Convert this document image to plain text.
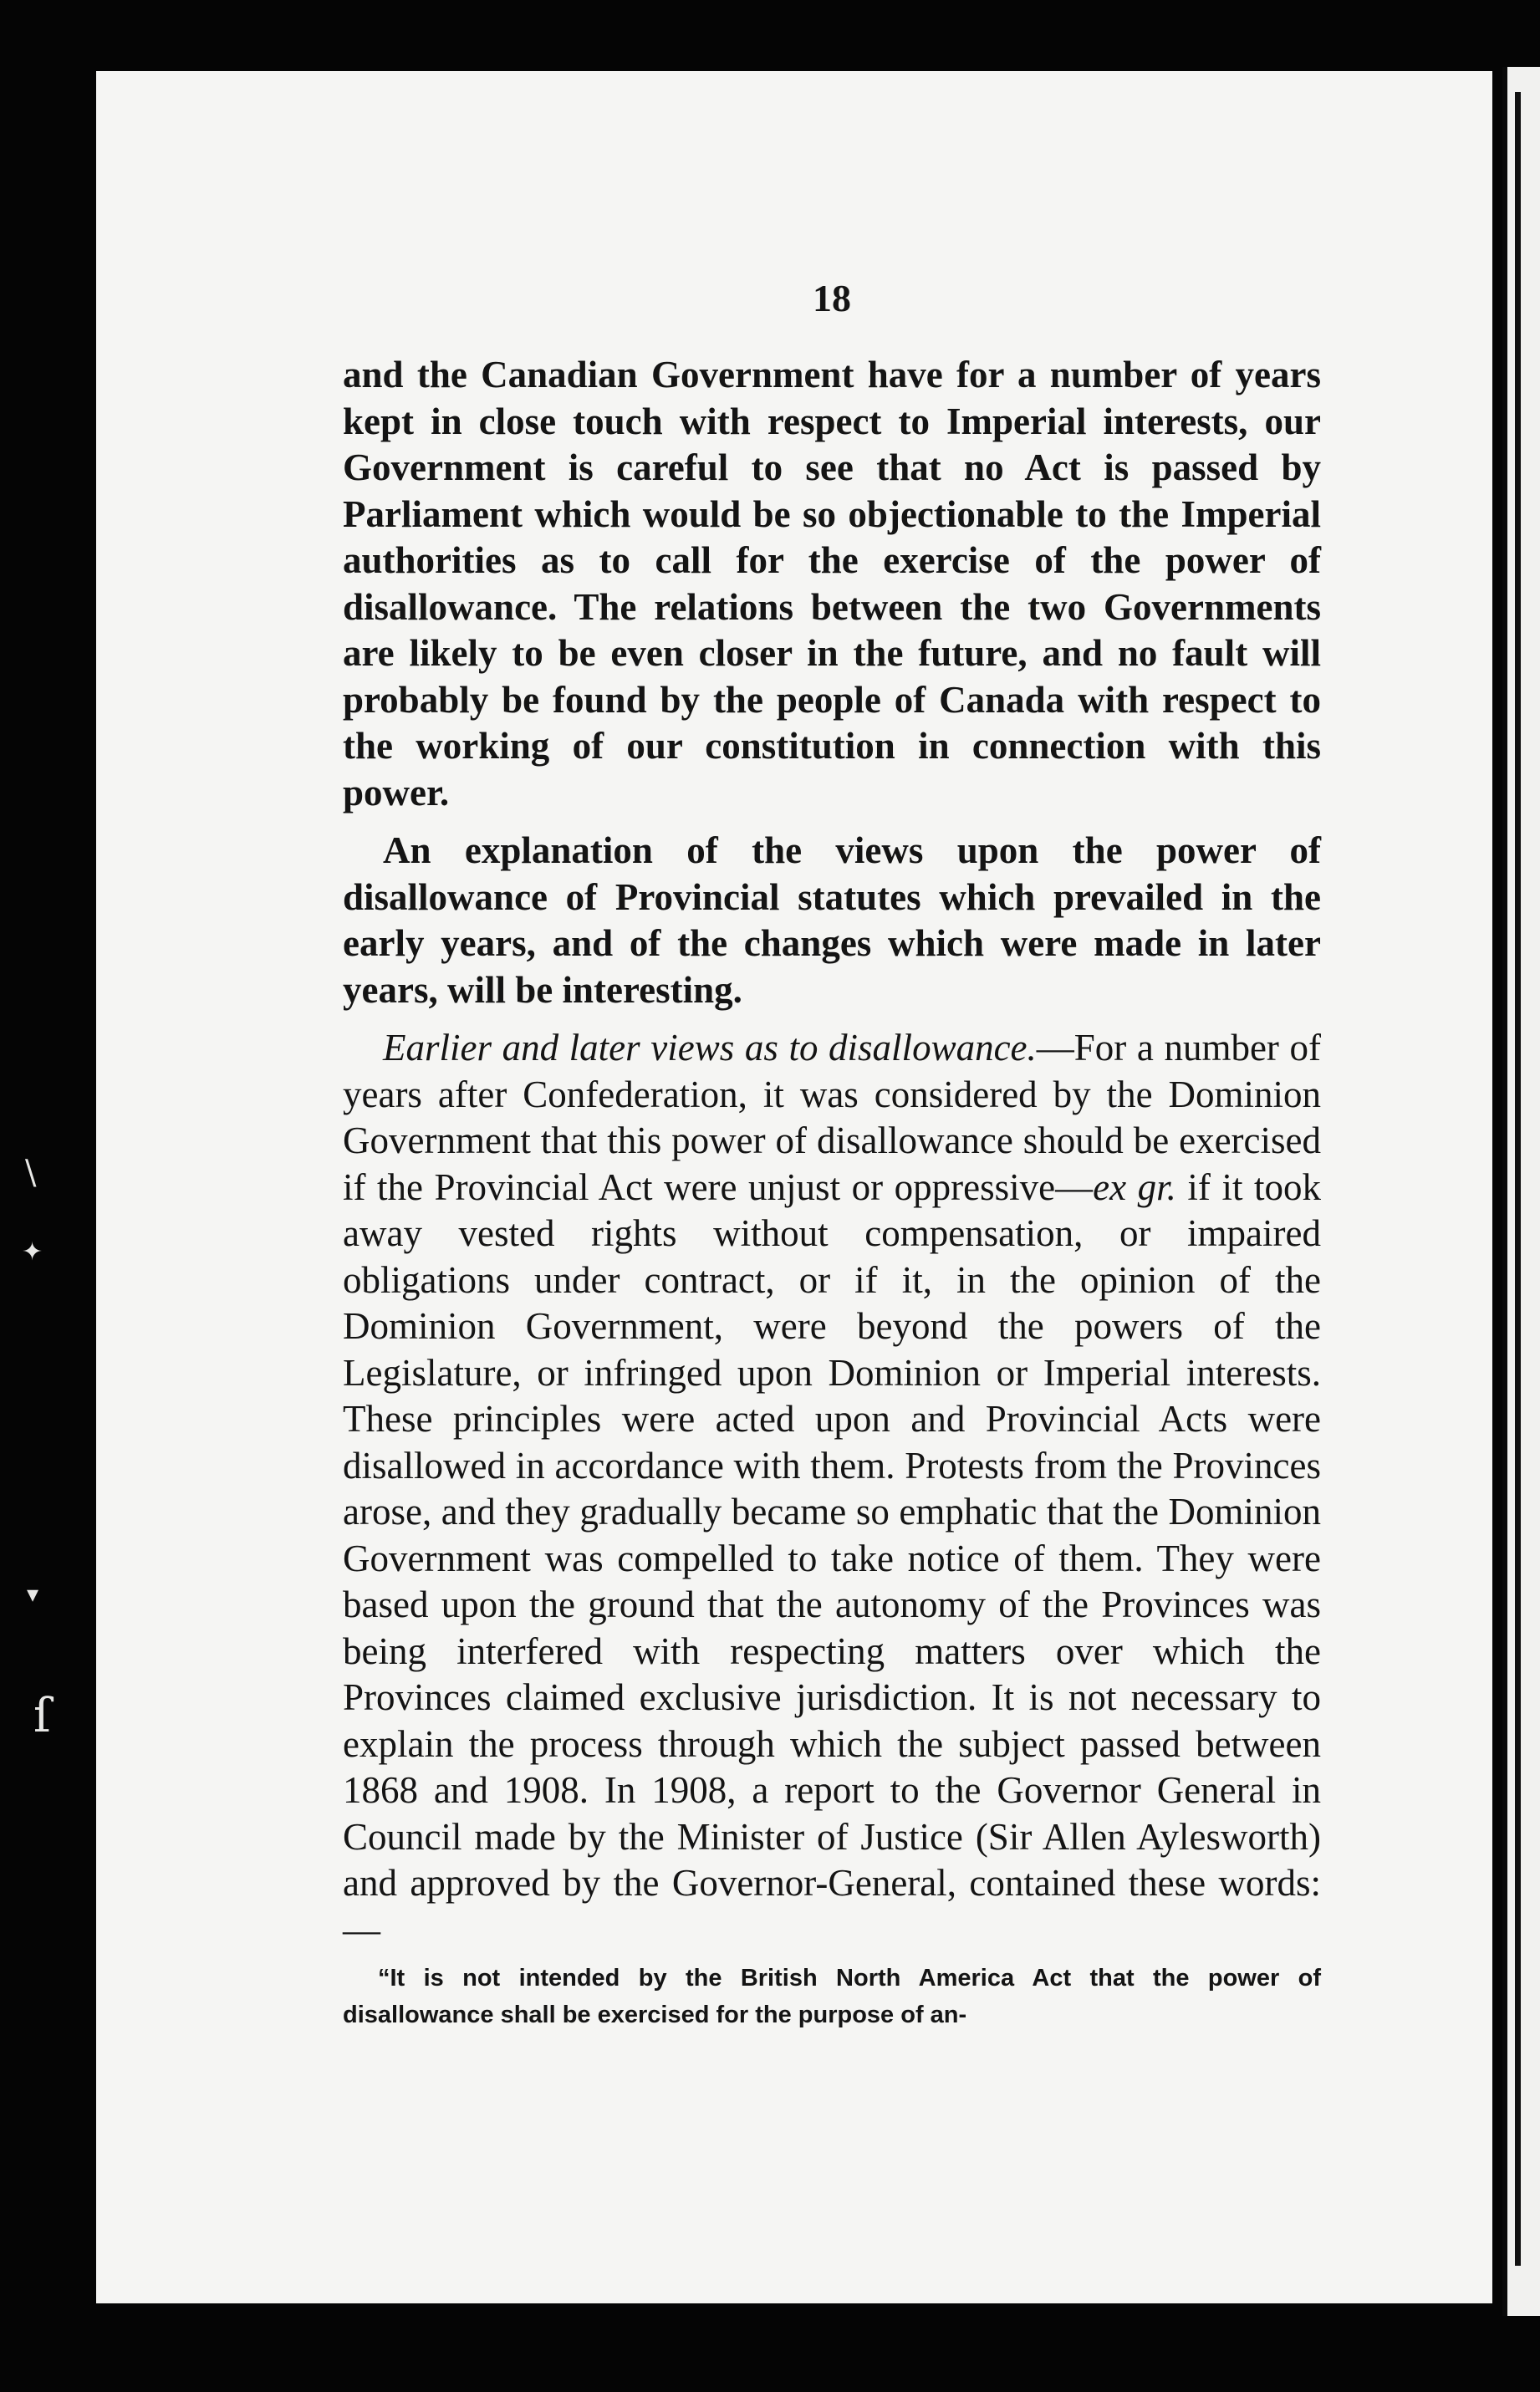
\
✦
▾
ſ
18

and the Canadian Government have for a number of years kept in close touch with respect to Imperial interests, our Government is careful to see that no Act is passed by Parliament which would be so objectionable to the Imperial authorities as to call for the exercise of the power of disallowance. The relations between the two Governments are likely to be even closer in the future, and no fault will probably be found by the people of Canada with respect to the working of our constitution in connection with this power.

An explanation of the views upon the power of disallowance of Provincial statutes which prevailed in the early years, and of the changes which were made in later years, will be interesting.

Earlier and later views as to disallowance.—For a number of years after Confederation, it was considered by the Dominion Government that this power of disallowance should be exercised if the Provincial Act were unjust or oppressive—ex gr. if it took away vested rights without compensation, or impaired obligations under contract, or if it, in the opinion of the Dominion Government, were beyond the powers of the Legislature, or infringed upon Dominion or Imperial interests. These principles were acted upon and Provincial Acts were disallowed in accordance with them. Protests from the Provinces arose, and they gradually became so emphatic that the Dominion Government was compelled to take notice of them. They were based upon the ground that the autonomy of the Provinces was being interfered with respecting matters over which the Provinces claimed exclusive jurisdiction. It is not necessary to explain the process through which the subject passed between 1868 and 1908. In 1908, a report to the Governor General in Council made by the Minister of Justice (Sir Allen Aylesworth) and approved by the Governor-General, contained these words:—

“It is not intended by the British North America Act that the power of disallowance shall be exercised for the purpose of an-
